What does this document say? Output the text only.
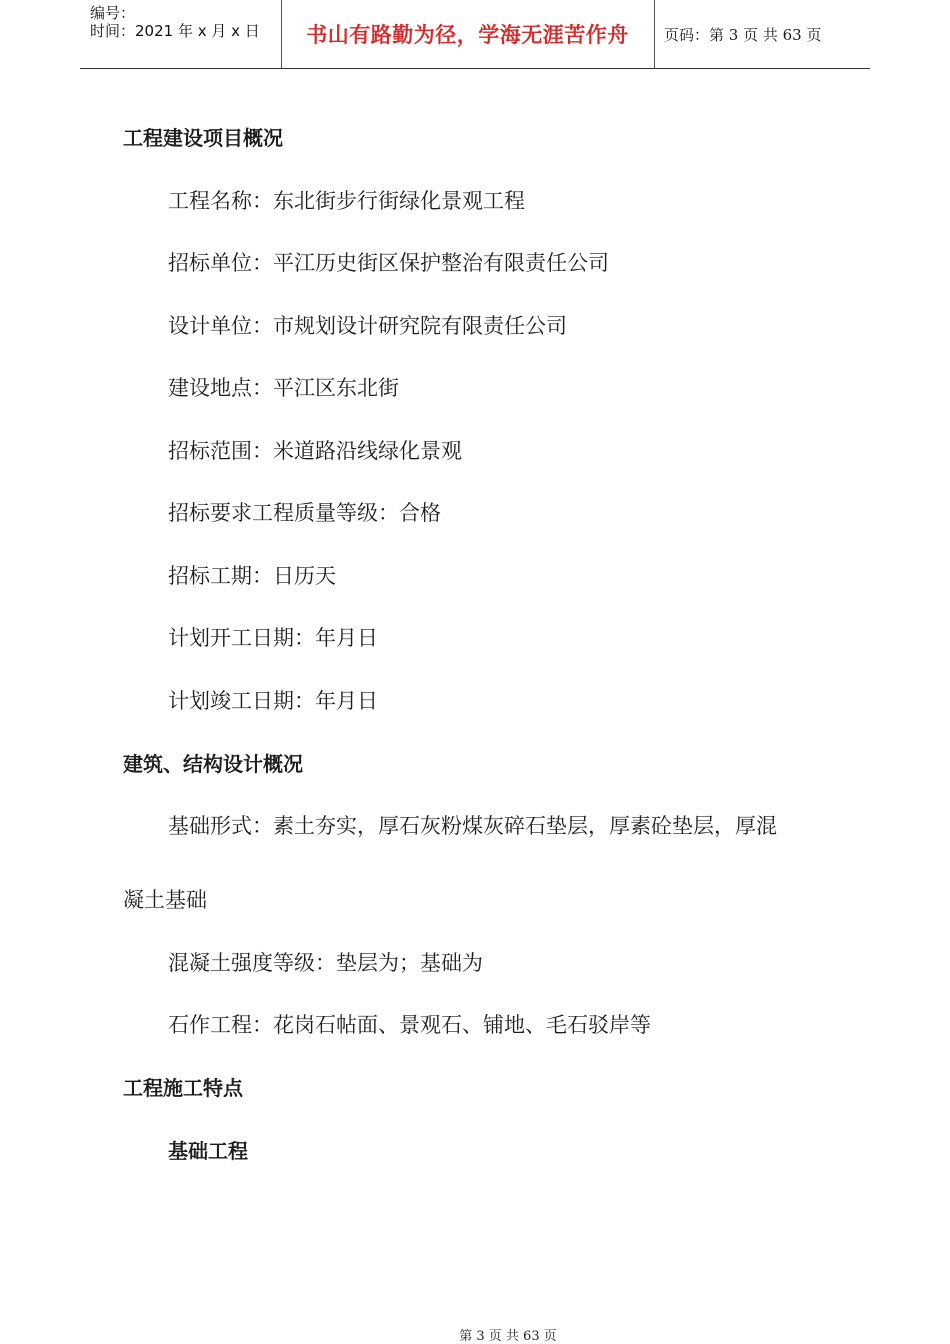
编号：
时间：2021 年 x 月 x 日 书山有路勤为径，学海无涯苦作舟 页码：第 3 页 共 63 页
工程建设项目概况
工程名称：东北街步行街绿化景观工程
招标单位：平江历史街区保护整治有限责任公司
设计单位：市规划设计研究院有限责任公司
建设地点：平江区东北街
招标范围：米道路沿线绿化景观
招标要求工程质量等级：合格
招标工期：日历天
计划开工日期：年月日
计划竣工日期：年月日
建筑、结构设计概况
基础形式：素土夯实，厚石灰粉煤灰碎石垫层，厚素砼垫层，厚混
凝土基础
混凝土强度等级：垫层为；基础为
石作工程：花岗石帖面、景观石、铺地、毛石驳岸等
工程施工特点
基础工程
第 3 页 共 63 页
